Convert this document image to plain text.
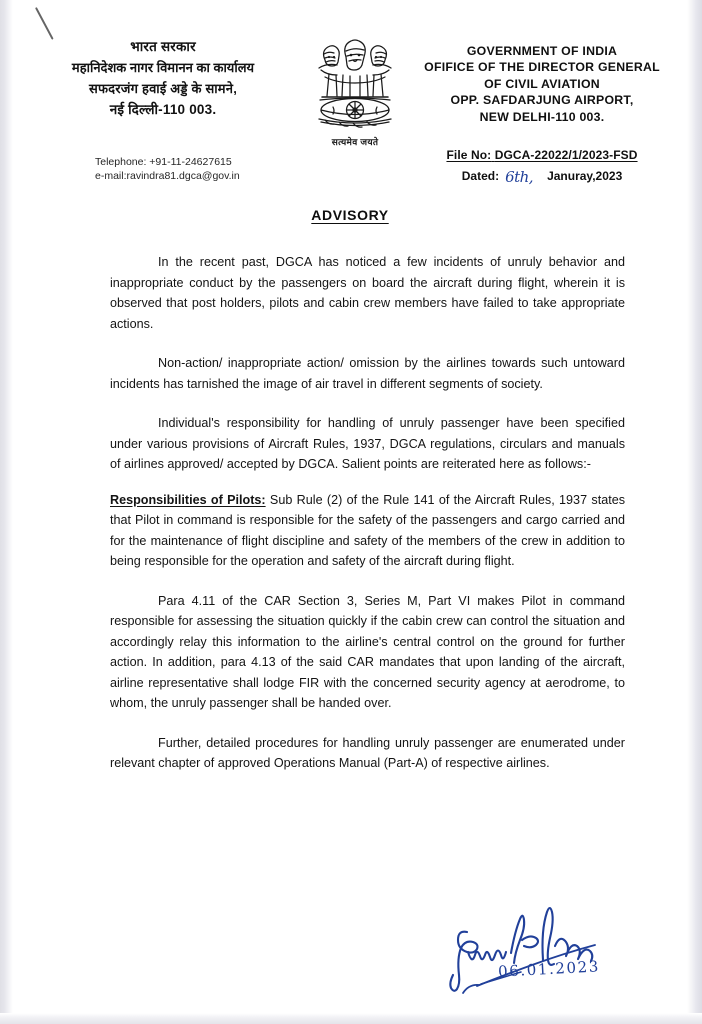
भारत सरकार
महानिदेशक नागर विमानन का कार्यालय
सफदरजंग हवाई अड्डे के सामने,
नई दिल्ली-110 003.
Telephone: +91-11-24627615
e-mail:ravindra81.dgca@gov.in
सत्यमेव जयते
GOVERNMENT OF INDIA
OFIFICE OF THE DIRECTOR GENERAL
OF CIVIL AVIATION
OPP. SAFDARJUNG AIRPORT,
NEW DELHI-110 003.
File No: DGCA-22022/1/2023-FSD
Dated: 6th, Januray,2023
ADVISORY

In the recent past, DGCA has noticed a few incidents of unruly behavior and inappropriate conduct by the passengers on board the aircraft during flight, wherein it is observed that post holders, pilots and cabin crew members have failed to take appropriate actions.

Non-action/ inappropriate action/ omission by the airlines towards such untoward incidents has tarnished the image of air travel in different segments of society.

Individual's responsibility for handling of unruly passenger have been specified under various provisions of Aircraft Rules, 1937, DGCA regulations, circulars and manuals of airlines approved/ accepted by DGCA. Salient points are reiterated here as follows:-

Responsibilities of Pilots: Sub Rule (2) of the Rule 141 of the Aircraft Rules, 1937 states that Pilot in command is responsible for the safety of the passengers and cargo carried and for the maintenance of flight discipline and safety of the members of the crew in addition to being responsible for the operation and safety of the aircraft during flight.

Para 4.11 of the CAR Section 3, Series M, Part VI makes Pilot in command responsible for assessing the situation quickly if the cabin crew can control the situation and accordingly relay this information to the airline's central control on the ground for further action. In addition, para 4.13 of the said CAR mandates that upon landing of the aircraft, airline representative shall lodge FIR with the concerned security agency at aerodrome, to whom, the unruly passenger shall be handed over.

Further, detailed procedures for handling unruly passenger are enumerated under relevant chapter of approved Operations Manual (Part-A) of respective airlines.

06.01.2023
